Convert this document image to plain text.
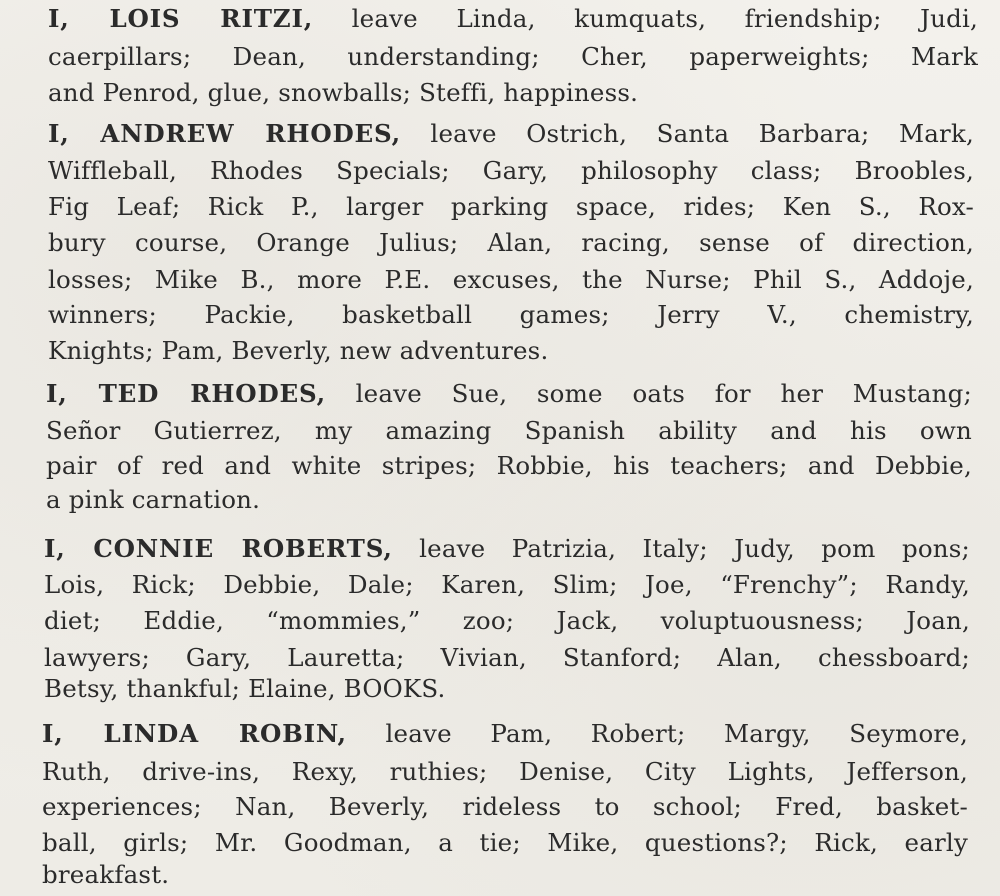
I, LOIS RITZI, leave Linda, kumquats, friendship; Judi,
caerpillars; Dean, understanding; Cher, paperweights; Mark
and Penrod, glue, snowballs; Steffi, happiness.
I, ANDREW RHODES, leave Ostrich, Santa Barbara; Mark,
Wiffleball, Rhodes Specials; Gary, philosophy class; Broobles,
Fig Leaf; Rick P., larger parking space, rides; Ken S., Rox-
bury course, Orange Julius; Alan, racing, sense of direction,
losses; Mike B., more P.E. excuses, the Nurse; Phil S., Addoje,
winners; Packie, basketball games; Jerry V., chemistry,
Knights; Pam, Beverly, new adventures.
I, TED RHODES, leave Sue, some oats for her Mustang;
Señor Gutierrez, my amazing Spanish ability and his own
pair of red and white stripes; Robbie, his teachers; and Debbie,
a pink carnation.
I, CONNIE ROBERTS, leave Patrizia, Italy; Judy, pom pons;
Lois, Rick; Debbie, Dale; Karen, Slim; Joe, “Frenchy”; Randy,
diet; Eddie, “mommies,” zoo; Jack, voluptuousness; Joan,
lawyers; Gary, Lauretta; Vivian, Stanford; Alan, chessboard;
Betsy, thankful; Elaine, BOOKS.
I, LINDA ROBIN, leave Pam, Robert; Margy, Seymore,
Ruth, drive-ins, Rexy, ruthies; Denise, City Lights, Jefferson,
experiences; Nan, Beverly, rideless to school; Fred, basket-
ball, girls; Mr. Goodman, a tie; Mike, questions?; Rick, early
breakfast.
